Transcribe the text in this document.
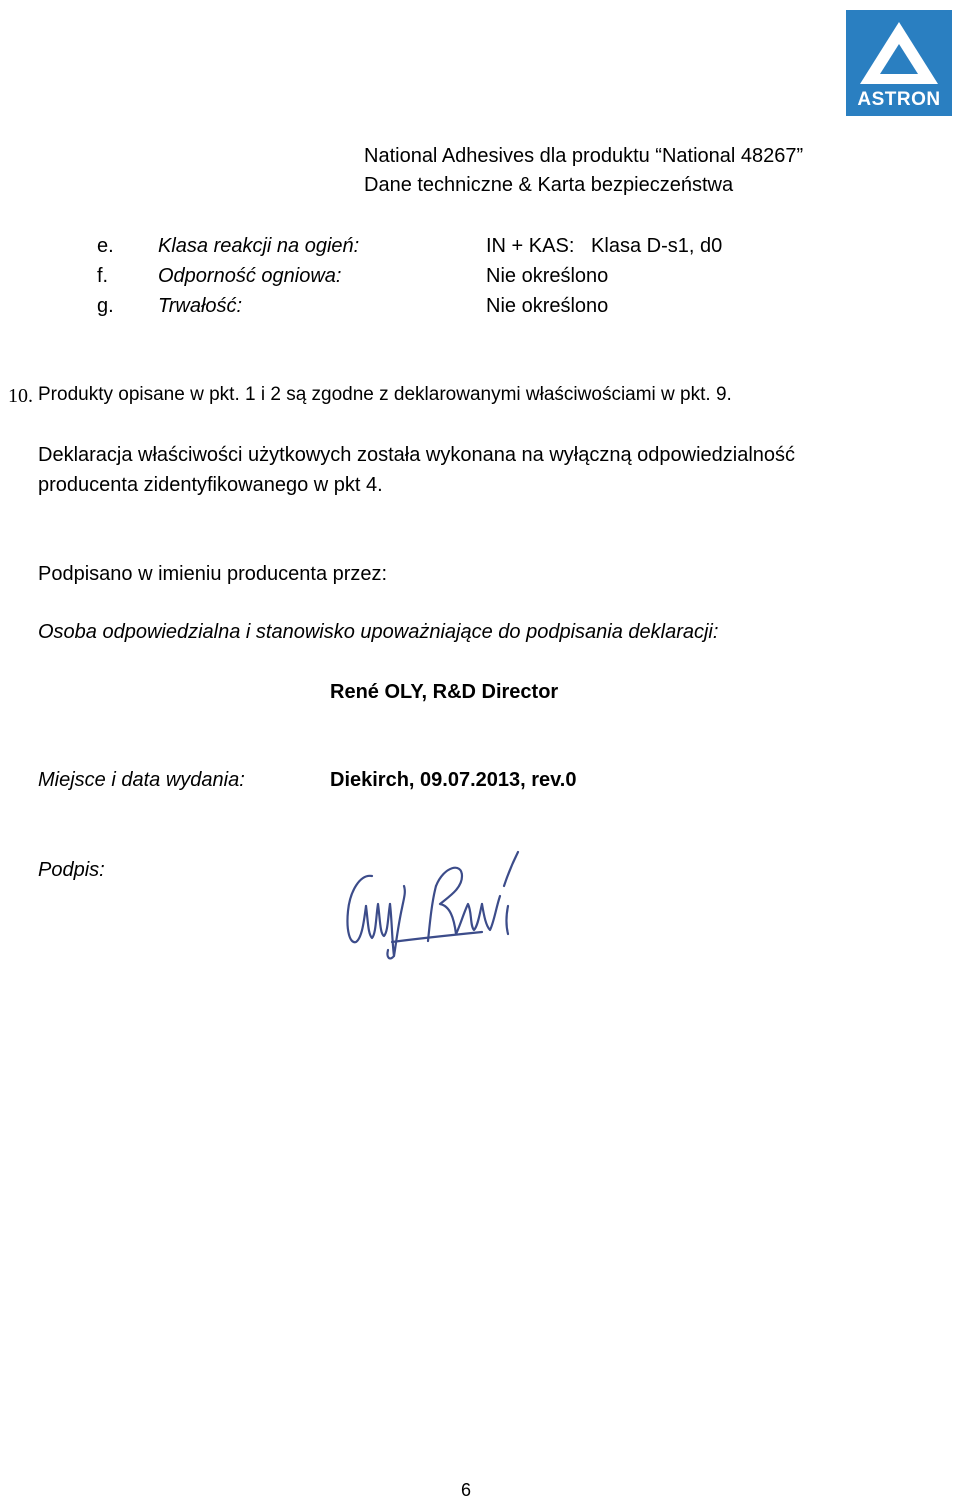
ASTRON
National Adhesives dla produktu “National 48267”
Dane techniczne & Karta bezpieczeństwa
e. Klasa reakcji na ogień:	IN + KAS:   Klasa D-s1, d0
f. Odporność ogniowa:	Nie określono
g. Trwałość:	Nie określono
10. Produkty opisane w pkt. 1 i 2 są zgodne z deklarowanymi właściwościami w pkt. 9.
Deklaracja właściwości użytkowych została wykonana na wyłączną odpowiedzialność
producenta zidentyfikowanego w pkt 4.
Podpisano w imieniu producenta przez:
Osoba odpowiedzialna i stanowisko upoważniające do podpisania deklaracji:
René OLY, R&D Director
Miejsce i data wydania:	Diekirch, 09.07.2013, rev.0
Podpis:
6
